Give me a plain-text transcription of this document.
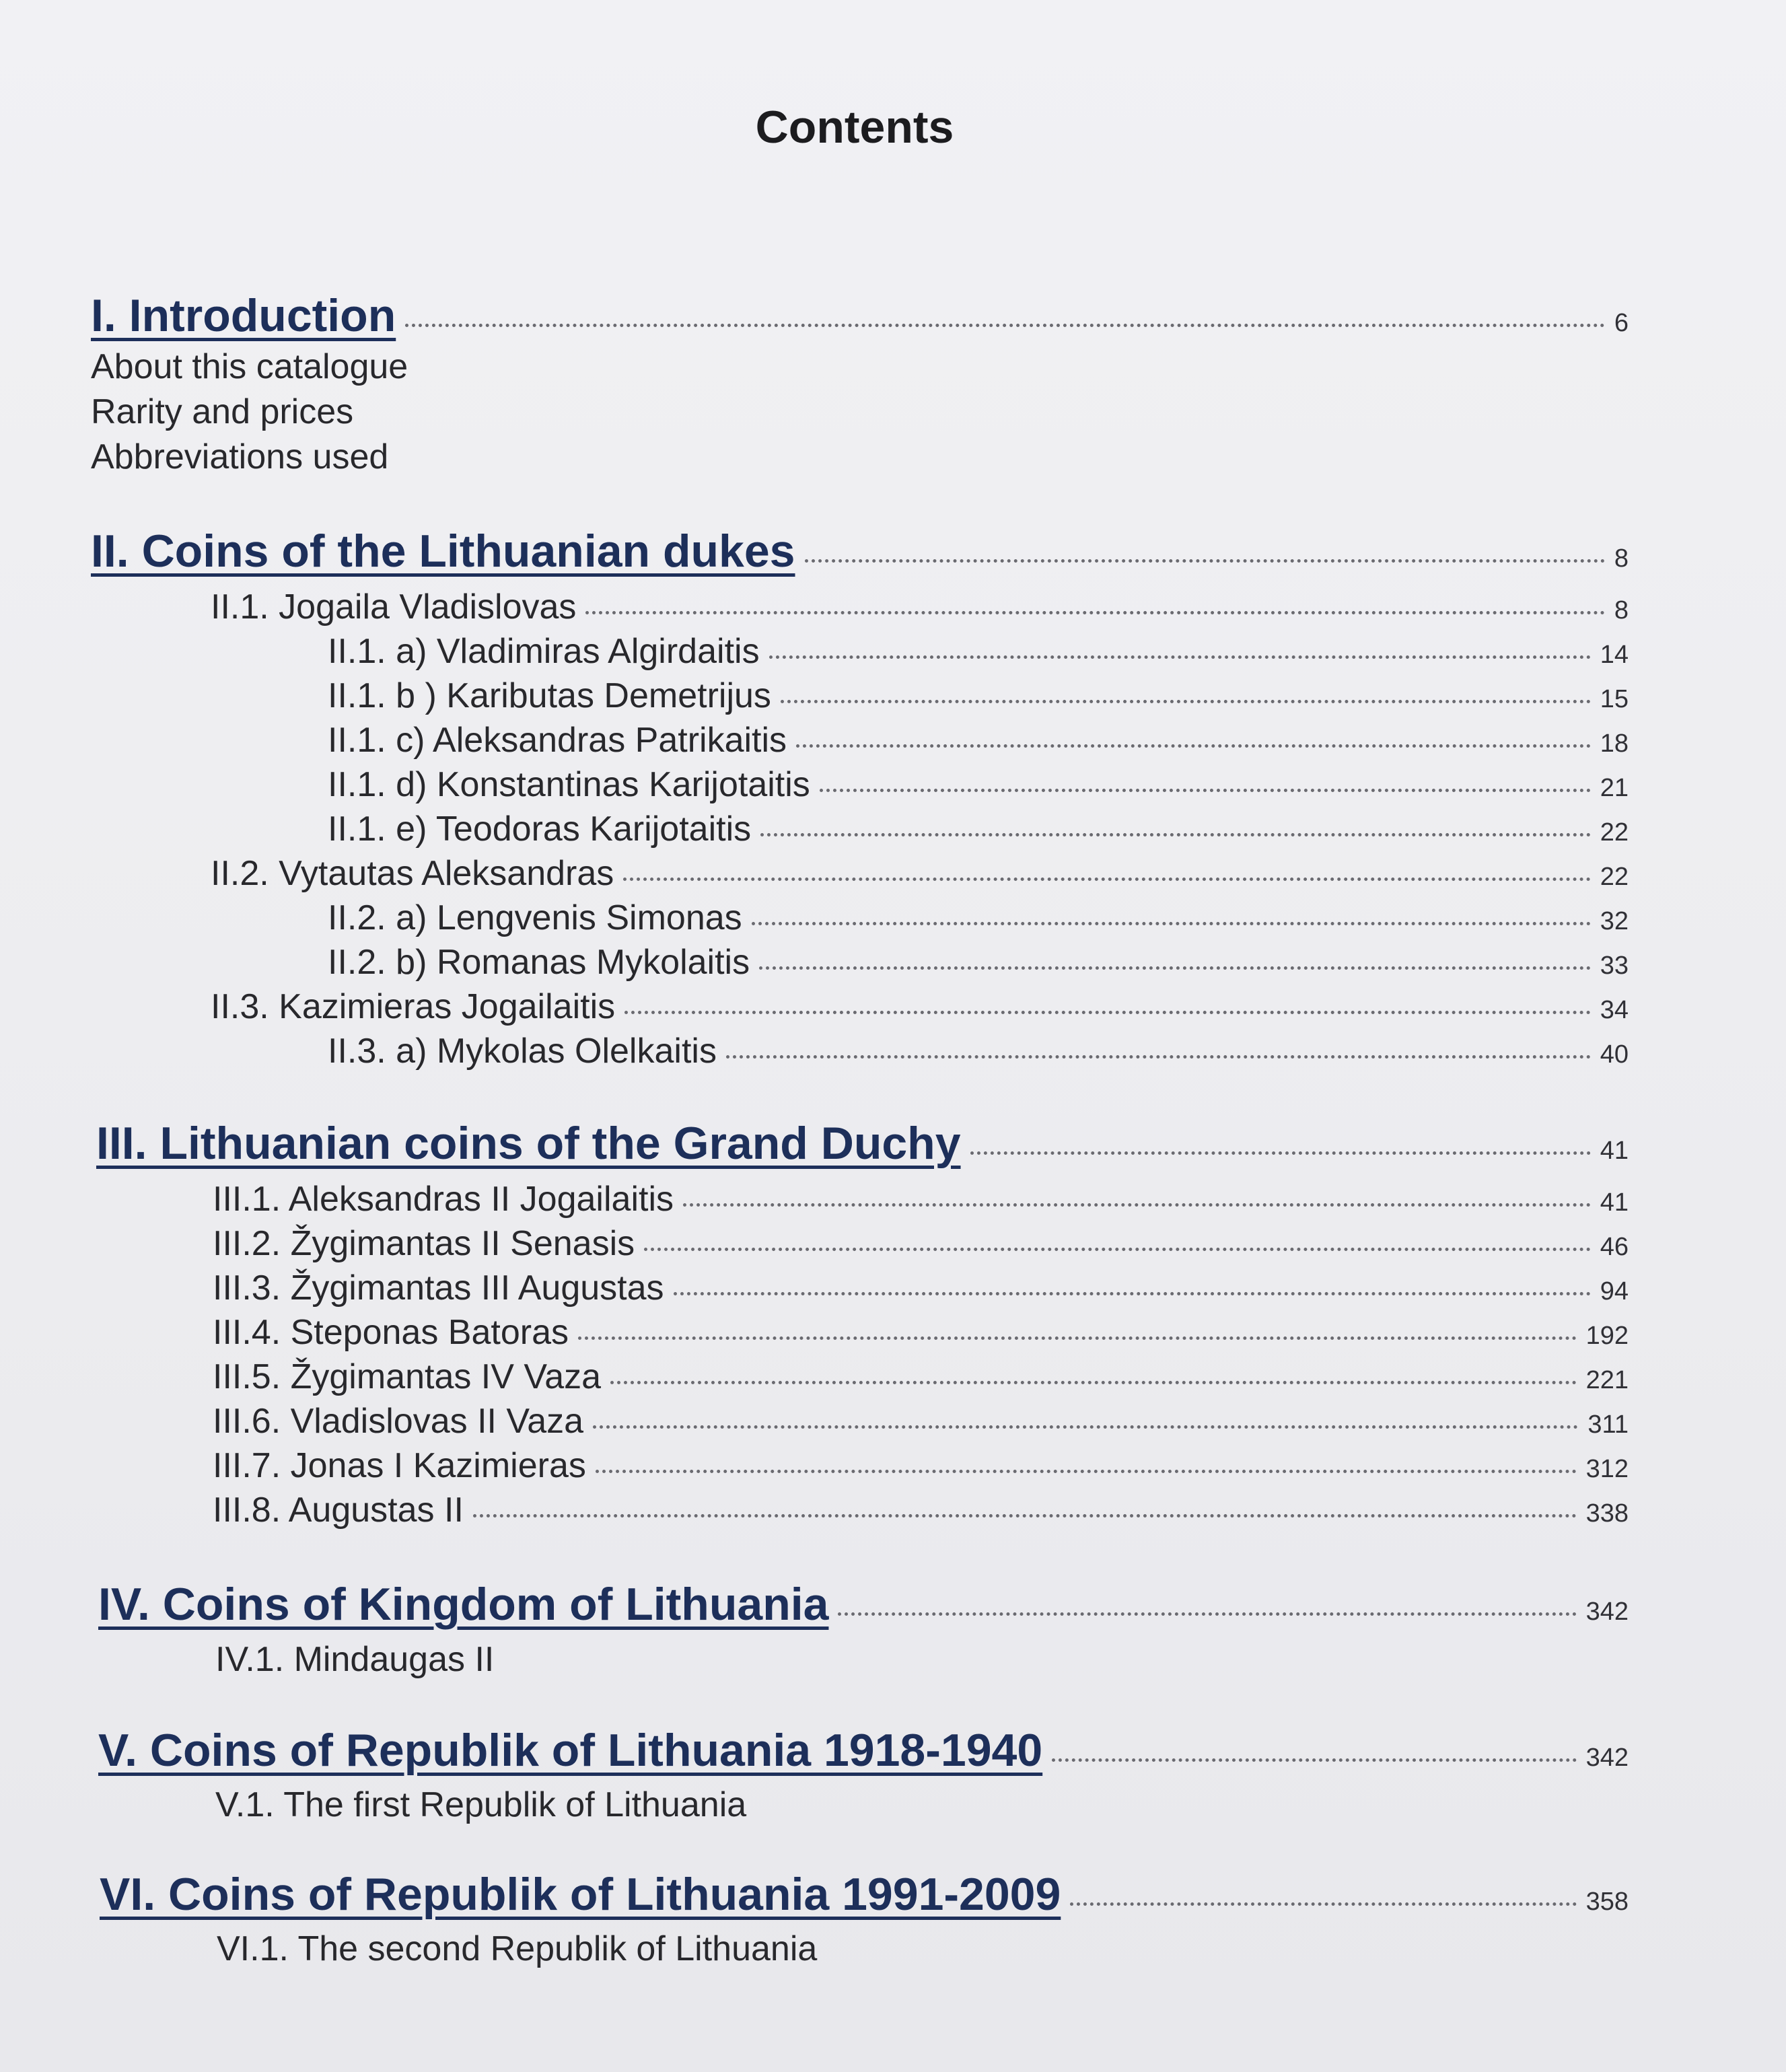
Contents
I. Introduction	6
About this catalogue
Rarity and prices
Abbreviations used
II. Coins of the Lithuanian dukes	8
II.1. Jogaila Vladislovas	8
II.1. a) Vladimiras Algirdaitis	14
II.1. b ) Kaributas Demetrijus	15
II.1. c) Aleksandras Patrikaitis	18
II.1. d) Konstantinas Karijotaitis	21
II.1. e) Teodoras Karijotaitis	22
II.2. Vytautas Aleksandras	22
II.2. a) Lengvenis Simonas	32
II.2. b) Romanas Mykolaitis	33
II.3. Kazimieras Jogailaitis	34
II.3. a) Mykolas Olelkaitis	40
III. Lithuanian coins of the Grand Duchy	41
III.1. Aleksandras II Jogailaitis	41
III.2. Žygimantas II Senasis	46
III.3. Žygimantas III Augustas	94
III.4. Steponas Batoras	192
III.5. Žygimantas IV Vaza	221
III.6. Vladislovas II Vaza	311
III.7. Jonas I Kazimieras	312
III.8. Augustas II	338
IV. Coins of Kingdom of Lithuania	342
IV.1. Mindaugas II
V. Coins of Republik of Lithuania 1918-1940	342
V.1. The first Republik of Lithuania
VI. Coins of Republik of Lithuania 1991-2009	358
VI.1. The second Republik of Lithuania
